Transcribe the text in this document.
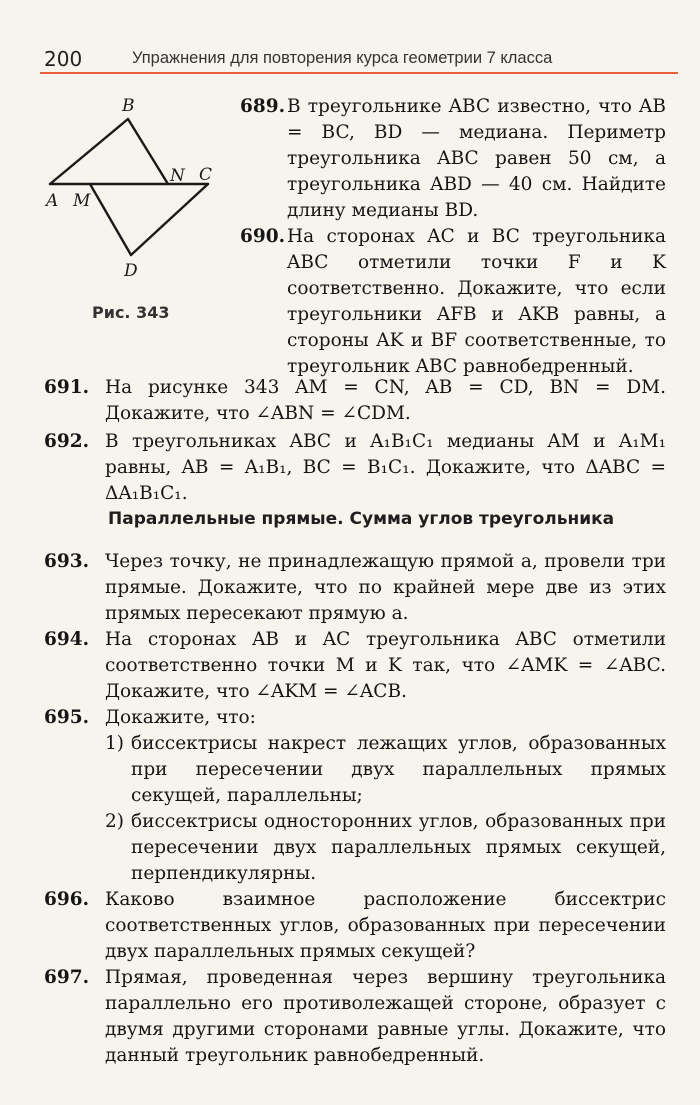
200	Упражнения для повторения курса геометрии 7 класса
B
A M
N C
D
Рис. 343
689. В треугольнике ABC известно, что AB = BC, BD — медиана. Периметр треугольника ABC равен 50 см, а треугольника ABD — 40 см. Найдите длину медианы BD.

690. На сторонах AC и BC треугольника ABC отметили точки F и K соответственно. Докажите, что если треугольники AFB и AKB равны, а стороны AK и BF соответственные, то треугольник ABC равнобедренный.

691. На рисунке 343 AM = CN, AB = CD, BN = DM. Докажите, что ∠ABN = ∠CDM.

692. В треугольниках ABC и A₁B₁C₁ медианы AM и A₁M₁ равны, AB = A₁B₁, BC = B₁C₁. Докажите, что ΔABC = ΔA₁B₁C₁.

Параллельные прямые. Сумма углов треугольника
693. Через точку, не принадлежащую прямой a, провели три прямые. Докажите, что по крайней мере две из этих прямых пересекают прямую a.

694. На сторонах AB и AC треугольника ABC отметили соответственно точки M и K так, что ∠AMK = ∠ABC. Докажите, что ∠AKM = ∠ACB.

695. Докажите, что:

1) биссектрисы накрест лежащих углов, образованных при пересечении двух параллельных прямых секущей, параллельны;
2) биссектрисы односторонних углов, образованных при пересечении двух параллельных прямых секущей, перпендикулярны.
696. Каково взаимное расположение биссектрис соответственных углов, образованных при пересечении двух параллельных прямых секущей?

697. Прямая, проведенная через вершину треугольника параллельно его противолежащей стороне, образует с двумя другими сторонами равные углы. Докажите, что данный треугольник равнобедренный.
